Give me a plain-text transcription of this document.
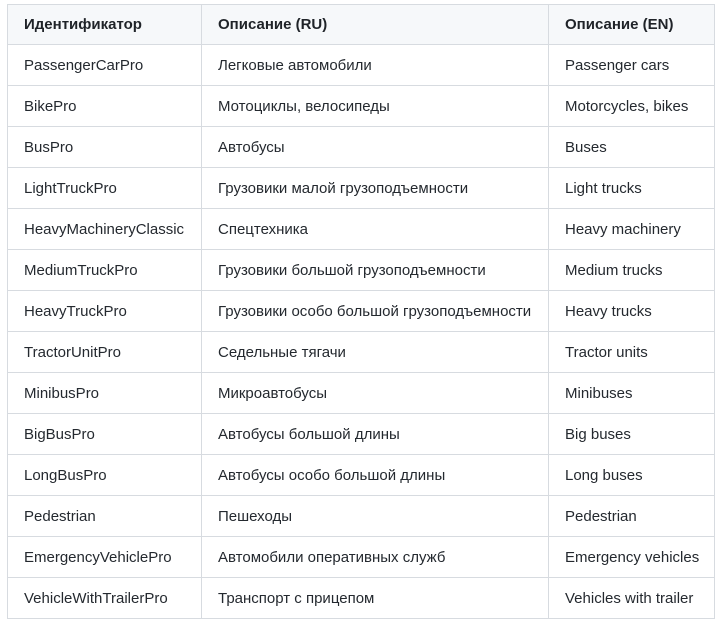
Идентификатор	Описание (RU)	Описание (EN)
PassengerCarPro	Легковые автомобили	Passenger cars
BikePro	Мотоциклы, велосипеды	Motorcycles, bikes
BusPro	Автобусы	Buses
LightTruckPro	Грузовики малой грузоподъемности	Light trucks
HeavyMachineryClassic	Спецтехника	Heavy machinery
MediumTruckPro	Грузовики большой грузоподъемности	Medium trucks
HeavyTruckPro	Грузовики особо большой грузоподъемности	Heavy trucks
TractorUnitPro	Седельные тягачи	Tractor units
MinibusPro	Микроавтобусы	Minibuses
BigBusPro	Автобусы большой длины	Big buses
LongBusPro	Автобусы особо большой длины	Long buses
Pedestrian	Пешеходы	Pedestrian
EmergencyVehiclePro	Автомобили оперативных служб	Emergency vehicles
VehicleWithTrailerPro	Транспорт с прицепом	Vehicles with trailer
